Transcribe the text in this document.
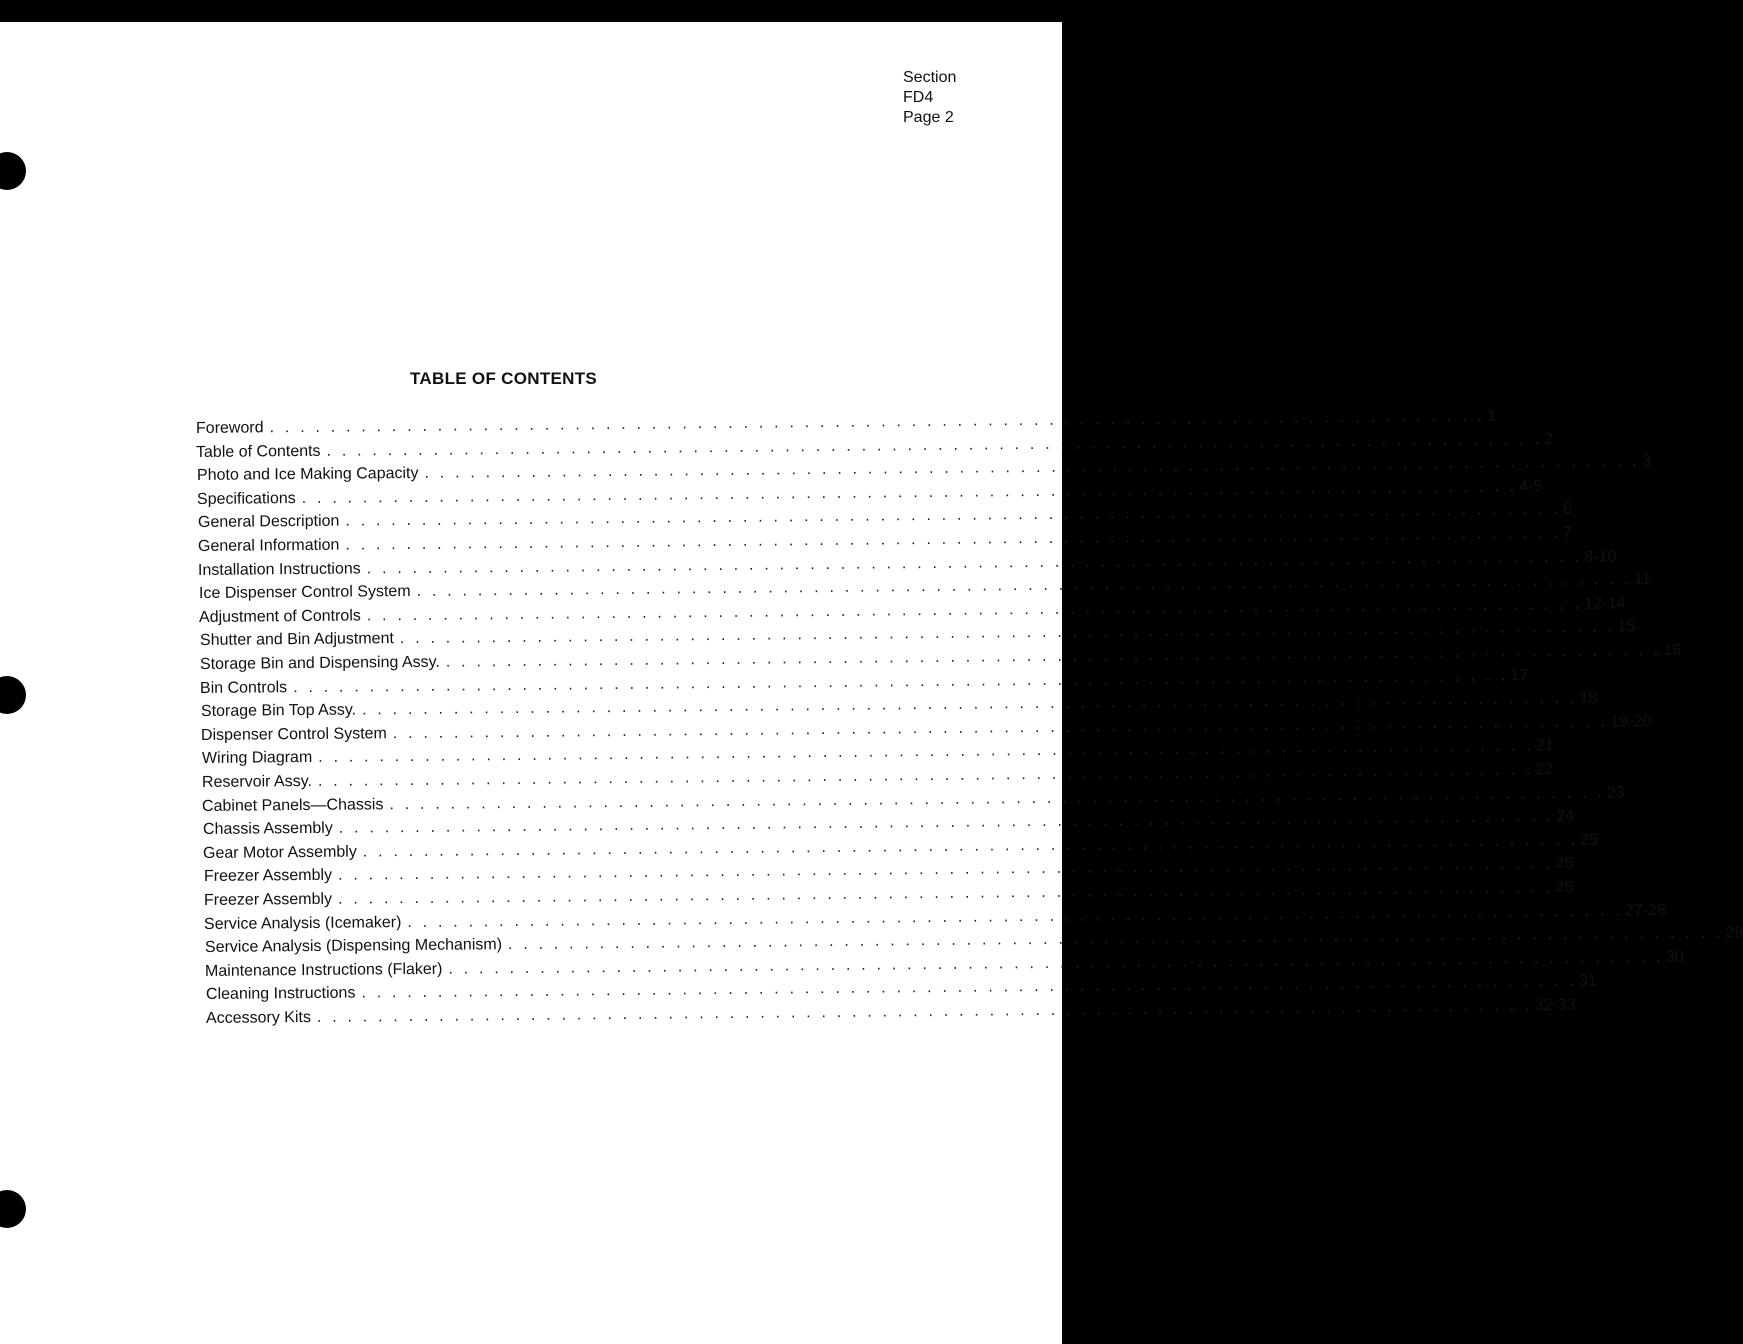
Section
FD4
Page 2
TABLE OF CONTENTS
Foreword . . . . . . . . . . . . . . . . . . . . . . . . . . . . . . . . . . . . . . . . . . . . . . . . . . . . . . . . . . . . . . . . . . . . . . . . . . . . . . . . 1
Table of Contents . . . . . . . . . . . . . . . . . . . . . . . . . . . . . . . . . . . . . . . . . . . . . . . . . . . . . . . . . . . . . . . . . . . . . . . . . . . . . . . . 2
Photo and Ice Making Capacity . . . . . . . . . . . . . . . . . . . . . . . . . . . . . . . . . . . . . . . . . . . . . . . . . . . . . . . . . . . . . . . . . . . . . . . . . . . . . . . . 3
Specifications . . . . . . . . . . . . . . . . . . . . . . . . . . . . . . . . . . . . . . . . . . . . . . . . . . . . . . . . . . . . . . . . . . . . . . . . . . . . . . . . 4-5
General Description . . . . . . . . . . . . . . . . . . . . . . . . . . . . . . . . . . . . . . . . . . . . . . . . . . . . . . . . . . . . . . . . . . . . . . . . . . . . . . . . 6
General Information . . . . . . . . . . . . . . . . . . . . . . . . . . . . . . . . . . . . . . . . . . . . . . . . . . . . . . . . . . . . . . . . . . . . . . . . . . . . . . . . 7
Installation Instructions . . . . . . . . . . . . . . . . . . . . . . . . . . . . . . . . . . . . . . . . . . . . . . . . . . . . . . . . . . . . . . . . . . . . . . . . . . . . . . . . 8-10
Ice Dispenser Control System . . . . . . . . . . . . . . . . . . . . . . . . . . . . . . . . . . . . . . . . . . . . . . . . . . . . . . . . . . . . . . . . . . . . . . . . . . . . . . . . 11
Adjustment of Controls . . . . . . . . . . . . . . . . . . . . . . . . . . . . . . . . . . . . . . . . . . . . . . . . . . . . . . . . . . . . . . . . . . . . . . . . . . . . . . . . 12-14
Shutter and Bin Adjustment . . . . . . . . . . . . . . . . . . . . . . . . . . . . . . . . . . . . . . . . . . . . . . . . . . . . . . . . . . . . . . . . . . . . . . . . . . . . . . . . 15
Storage Bin and Dispensing Assy. . . . . . . . . . . . . . . . . . . . . . . . . . . . . . . . . . . . . . . . . . . . . . . . . . . . . . . . . . . . . . . . . . . . . . . . . . . . . . . . . 16
Bin Controls . . . . . . . . . . . . . . . . . . . . . . . . . . . . . . . . . . . . . . . . . . . . . . . . . . . . . . . . . . . . . . . . . . . . . . . . . . . . . . . . 17
Storage Bin Top Assy. . . . . . . . . . . . . . . . . . . . . . . . . . . . . . . . . . . . . . . . . . . . . . . . . . . . . . . . . . . . . . . . . . . . . . . . . . . . . . . . . 18
Dispenser Control System . . . . . . . . . . . . . . . . . . . . . . . . . . . . . . . . . . . . . . . . . . . . . . . . . . . . . . . . . . . . . . . . . . . . . . . . . . . . . . . . 19-20
Wiring Diagram . . . . . . . . . . . . . . . . . . . . . . . . . . . . . . . . . . . . . . . . . . . . . . . . . . . . . . . . . . . . . . . . . . . . . . . . . . . . . . . . 21
Reservoir Assy. . . . . . . . . . . . . . . . . . . . . . . . . . . . . . . . . . . . . . . . . . . . . . . . . . . . . . . . . . . . . . . . . . . . . . . . . . . . . . . . . 22
Cabinet Panels—Chassis . . . . . . . . . . . . . . . . . . . . . . . . . . . . . . . . . . . . . . . . . . . . . . . . . . . . . . . . . . . . . . . . . . . . . . . . . . . . . . . . 23
Chassis Assembly . . . . . . . . . . . . . . . . . . . . . . . . . . . . . . . . . . . . . . . . . . . . . . . . . . . . . . . . . . . . . . . . . . . . . . . . . . . . . . . . 24
Gear Motor Assembly . . . . . . . . . . . . . . . . . . . . . . . . . . . . . . . . . . . . . . . . . . . . . . . . . . . . . . . . . . . . . . . . . . . . . . . . . . . . . . . . 25
Freezer Assembly . . . . . . . . . . . . . . . . . . . . . . . . . . . . . . . . . . . . . . . . . . . . . . . . . . . . . . . . . . . . . . . . . . . . . . . . . . . . . . . . 26
Freezer Assembly . . . . . . . . . . . . . . . . . . . . . . . . . . . . . . . . . . . . . . . . . . . . . . . . . . . . . . . . . . . . . . . . . . . . . . . . . . . . . . . . 26
Service Analysis (Icemaker) . . . . . . . . . . . . . . . . . . . . . . . . . . . . . . . . . . . . . . . . . . . . . . . . . . . . . . . . . . . . . . . . . . . . . . . . . . . . . . . . 27-28
Service Analysis (Dispensing Mechanism) . . . . . . . . . . . . . . . . . . . . . . . . . . . . . . . . . . . . . . . . . . . . . . . . . . . . . . . . . . . . . . . . . . . . . . . . . . . . . . . . 29
Maintenance Instructions (Flaker) . . . . . . . . . . . . . . . . . . . . . . . . . . . . . . . . . . . . . . . . . . . . . . . . . . . . . . . . . . . . . . . . . . . . . . . . . . . . . . . . 30
Cleaning Instructions . . . . . . . . . . . . . . . . . . . . . . . . . . . . . . . . . . . . . . . . . . . . . . . . . . . . . . . . . . . . . . . . . . . . . . . . . . . . . . . . 31
Accessory Kits . . . . . . . . . . . . . . . . . . . . . . . . . . . . . . . . . . . . . . . . . . . . . . . . . . . . . . . . . . . . . . . . . . . . . . . . . . . . . . . . 32-33
